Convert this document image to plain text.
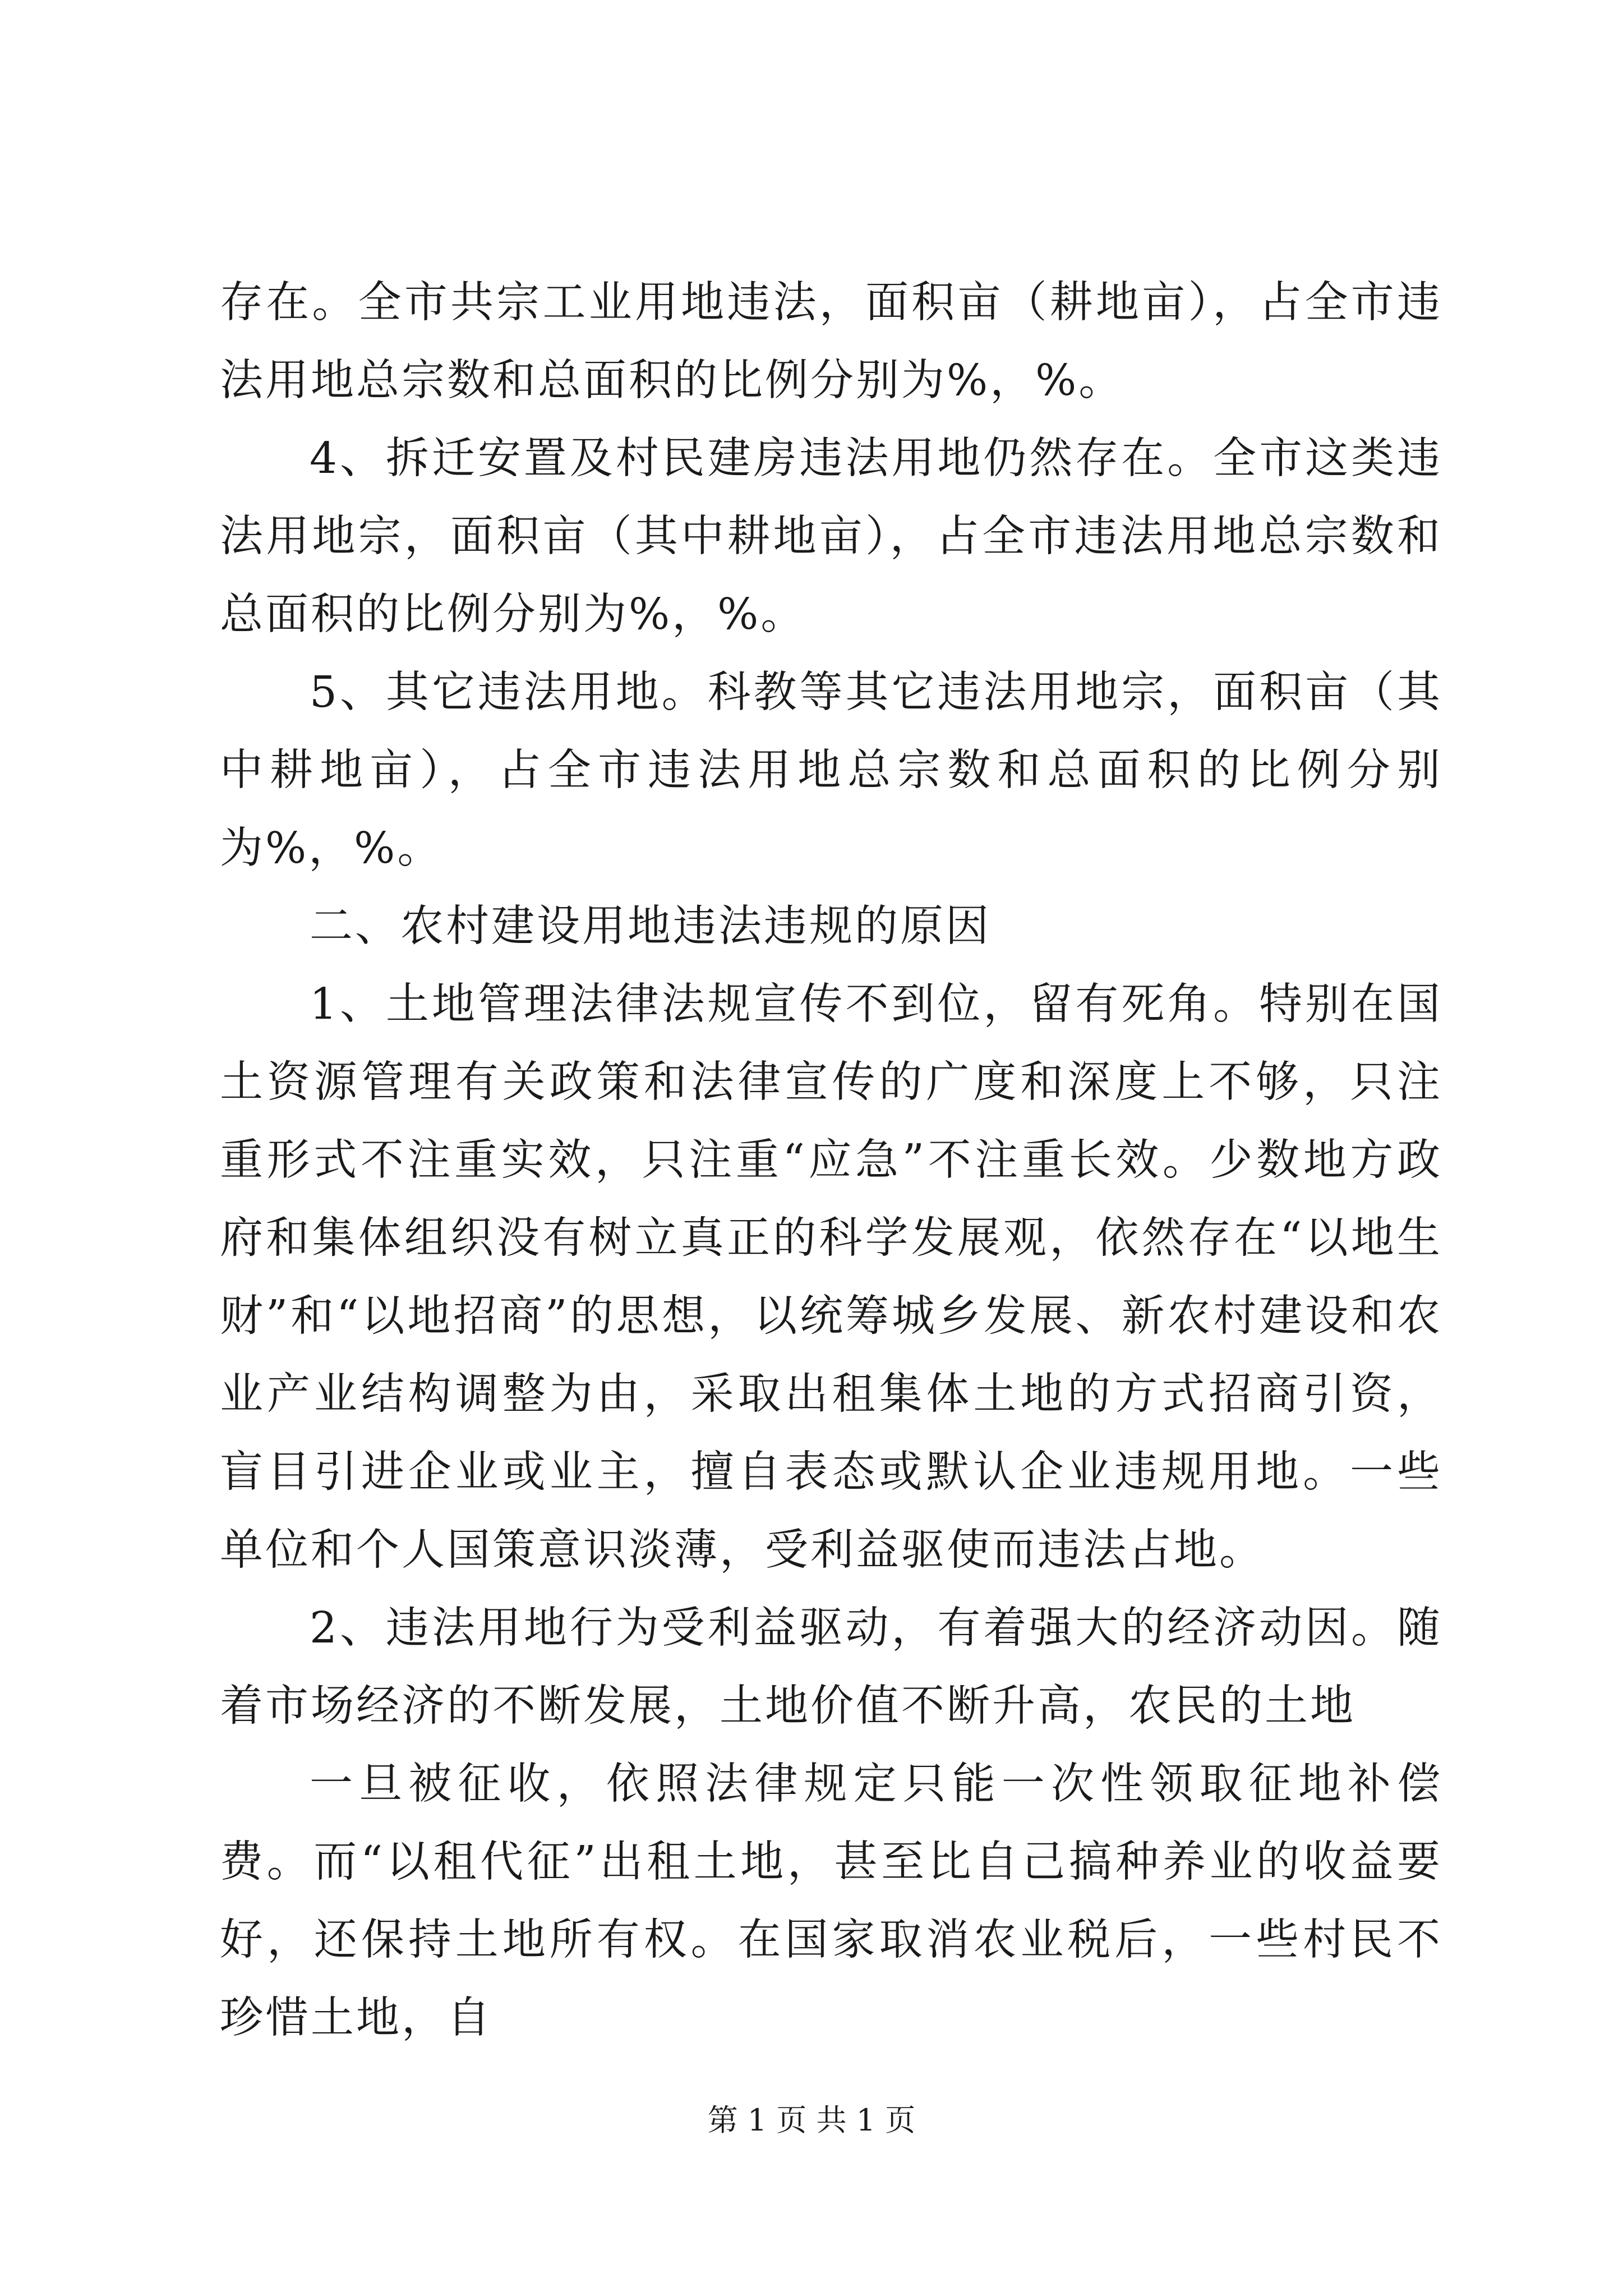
存在。全市共宗工业用地违法，面积亩（耕地亩），占全市违法用地总宗数和总面积的比例分别为%，%。

4、拆迁安置及村民建房违法用地仍然存在。全市这类违法用地宗，面积亩（其中耕地亩），占全市违法用地总宗数和总面积的比例分别为%，%。

5、其它违法用地。科教等其它违法用地宗，面积亩（其中耕地亩），占全市违法用地总宗数和总面积的比例分别为%，%。

二、农村建设用地违法违规的原因

1、土地管理法律法规宣传不到位，留有死角。特别在国土资源管理有关政策和法律宣传的广度和深度上不够，只注重形式不注重实效，只注重“应急”不注重长效。少数地方政府和集体组织没有树立真正的科学发展观，依然存在“以地生财”和“以地招商”的思想，以统筹城乡发展、新农村建设和农业产业结构调整为由，采取出租集体土地的方式招商引资，盲目引进企业或业主，擅自表态或默认企业违规用地。一些单位和个人国策意识淡薄，受利益驱使而违法占地。

2、违法用地行为受利益驱动，有着强大的经济动因。随着市场经济的不断发展，土地价值不断升高，农民的土地

一旦被征收，依照法律规定只能一次性领取征地补偿费。而“以租代征”出租土地，甚至比自己搞种养业的收益要好，还保持土地所有权。在国家取消农业税后，一些村民不珍惜土地，自

第 1 页 共 1 页
